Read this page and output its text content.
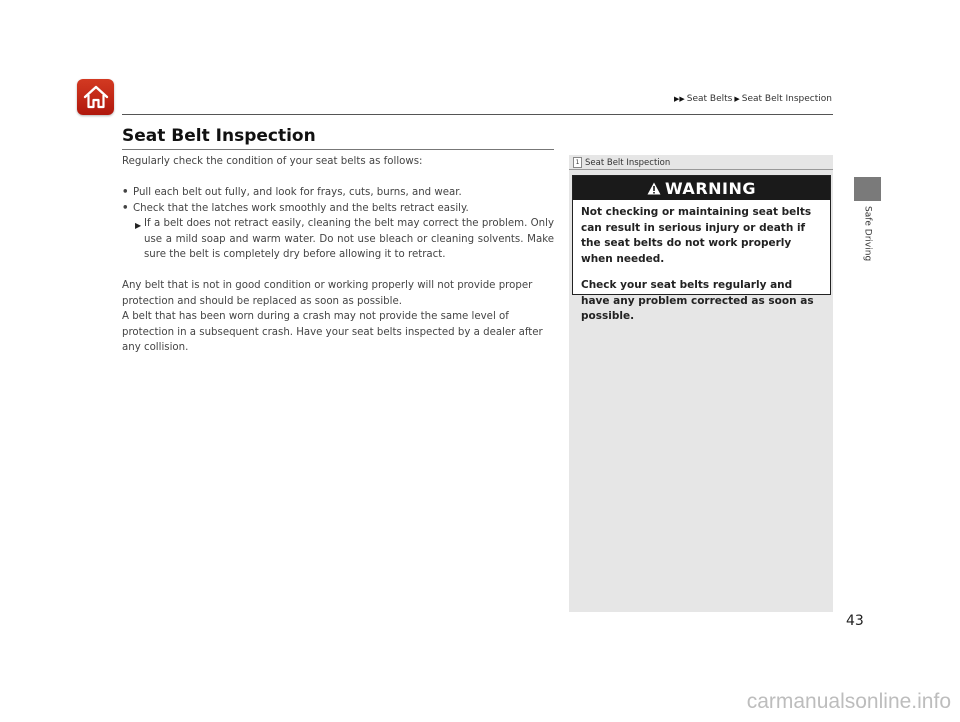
▶▶ Seat Belts ▶ Seat Belt Inspection
Seat Belt Inspection

Regularly check the condition of your seat belts as follows:

• Pull each belt out fully, and look for frays, cuts, burns, and wear.

• Check that the latches work smoothly and the belts retract easily.

▶ If a belt does not retract easily, cleaning the belt may correct the problem. Only use a mild soap and warm water. Do not use bleach or cleaning solvents. Make sure the belt is completely dry before allowing it to retract.

Any belt that is not in good condition or working properly will not provide proper protection and should be replaced as soon as possible.

A belt that has been worn during a crash may not provide the same level of protection in a subsequent crash. Have your seat belts inspected by a dealer after any collision.

1 Seat Belt Inspection
WARNING

Not checking or maintaining seat belts can result in serious injury or death if the seat belts do not work properly when needed.

Check your seat belts regularly and have any problem corrected as soon as possible.

Safe Driving
43
carmanualsonline.info
